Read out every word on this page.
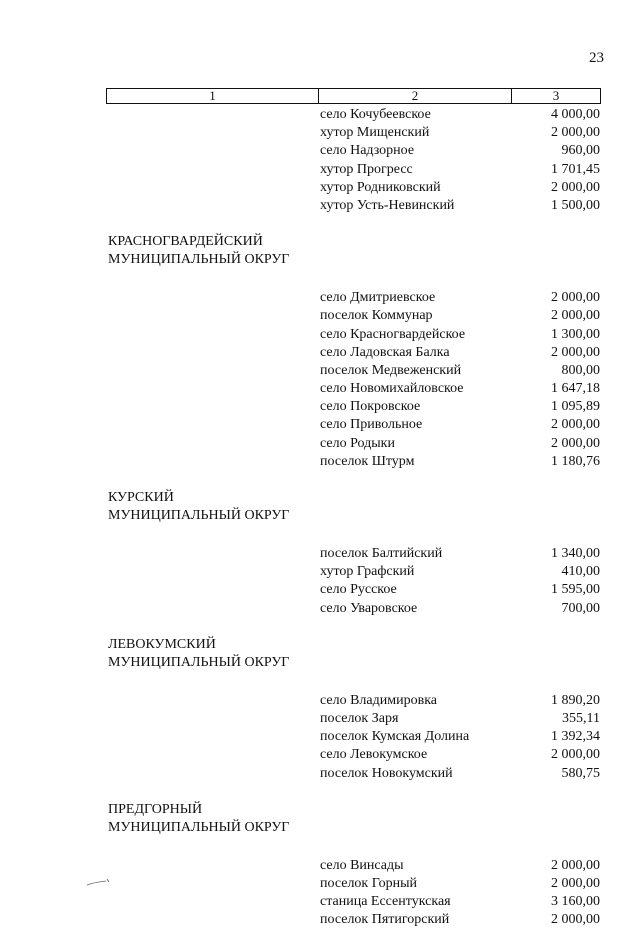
23
1	2	3
село Кочубеевское	4 000,00
хутор Мищенский	2 000,00
село Надзорное	960,00
хутор Прогресс	1 701,45
хутор Родниковский	2 000,00
хутор Усть-Невинский	1 500,00
КРАСНОГВАРДЕЙСКИЙ
МУНИЦИПАЛЬНЫЙ ОКРУГ
село Дмитриевское	2 000,00
поселок Коммунар	2 000,00
село Красногвардейское	1 300,00
село Ладовская Балка	2 000,00
поселок Медвеженский	800,00
село Новомихайловское	1 647,18
село Покровское	1 095,89
село Привольное	2 000,00
село Родыки	2 000,00
поселок Штурм	1 180,76
КУРСКИЙ
МУНИЦИПАЛЬНЫЙ ОКРУГ
поселок Балтийский	1 340,00
хутор Графский	410,00
село Русское	1 595,00
село Уваровское	700,00
ЛЕВОКУМСКИЙ
МУНИЦИПАЛЬНЫЙ ОКРУГ
село Владимировка	1 890,20
поселок Заря	355,11
поселок Кумская Долина	1 392,34
село Левокумское	2 000,00
поселок Новокумский	580,75
ПРЕДГОРНЫЙ
МУНИЦИПАЛЬНЫЙ ОКРУГ
село Винсады	2 000,00
поселок Горный	2 000,00
станица Ессентукская	3 160,00
поселок Пятигорский	2 000,00
